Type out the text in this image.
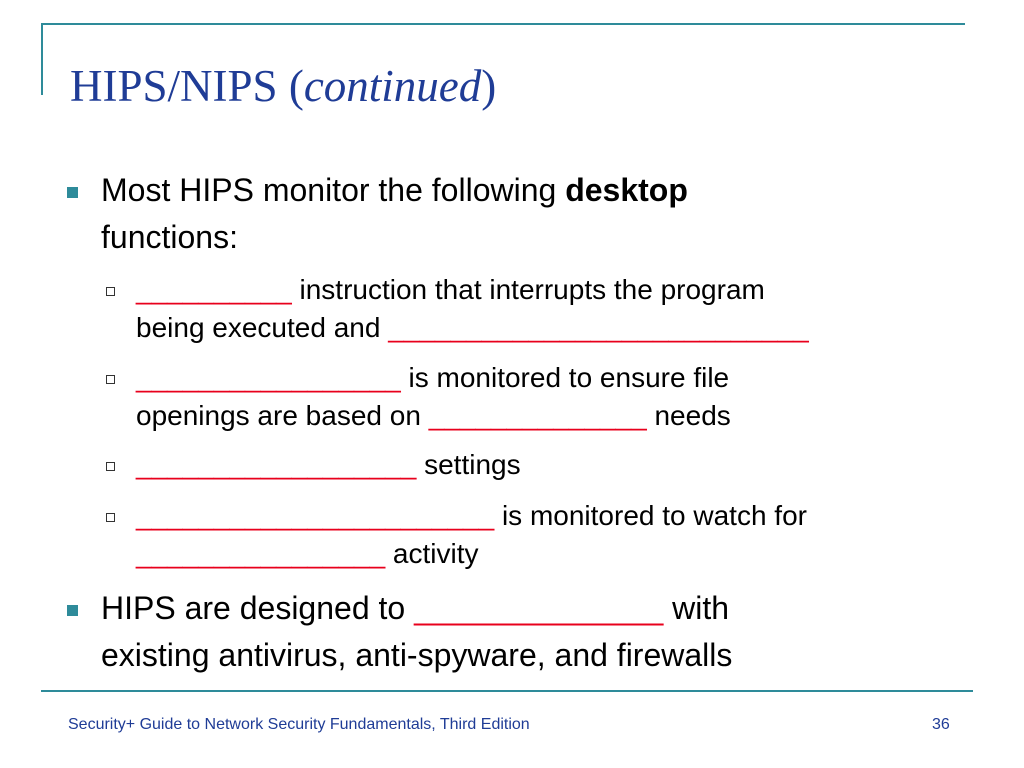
HIPS/NIPS (continued)
Most HIPS monitor the following desktop
functions:
__________ instruction that interrupts the program
being executed and ___________________________
_________________ is monitored to ensure file
openings are based on ______________ needs
__________________ settings
_______________________ is monitored to watch for
________________ activity
HIPS are designed to ______________ with
existing antivirus, anti-spyware, and firewalls
Security+ Guide to Network Security Fundamentals, Third Edition	36
